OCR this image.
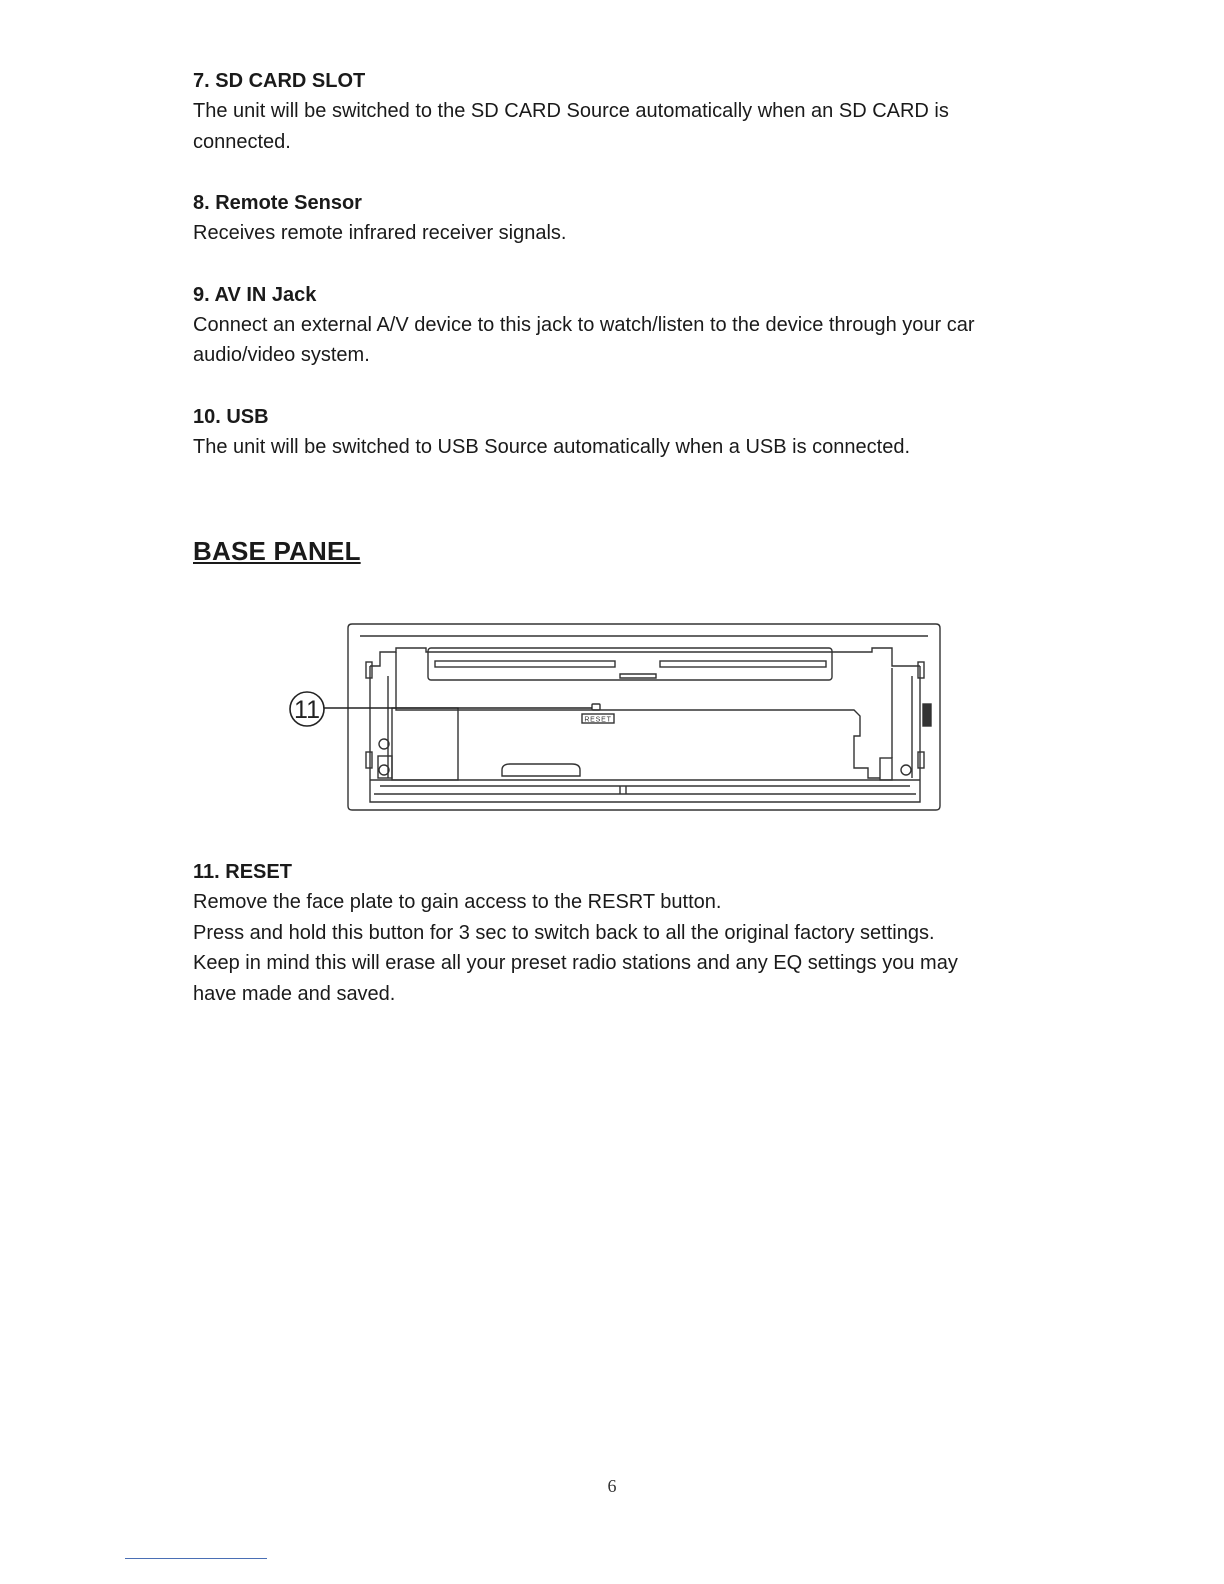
7. SD CARD SLOT

The unit will be switched to the SD CARD Source automatically when an SD CARD is

connected.

8. Remote Sensor

Receives remote infrared receiver signals.

9. AV IN Jack

Connect an external A/V device to this jack to watch/listen to the device through your car

audio/video system.

10. USB

The unit will be switched to USB Source automatically when a USB is connected.

BASE PANEL
RESET
11

11. RESET

Remove the face plate to gain access to the RESRT button.

Press and hold this button for 3 sec to switch back to all the original factory settings.

Keep in mind this will erase all your preset radio stations and any EQ settings you may

have made and saved.

6
